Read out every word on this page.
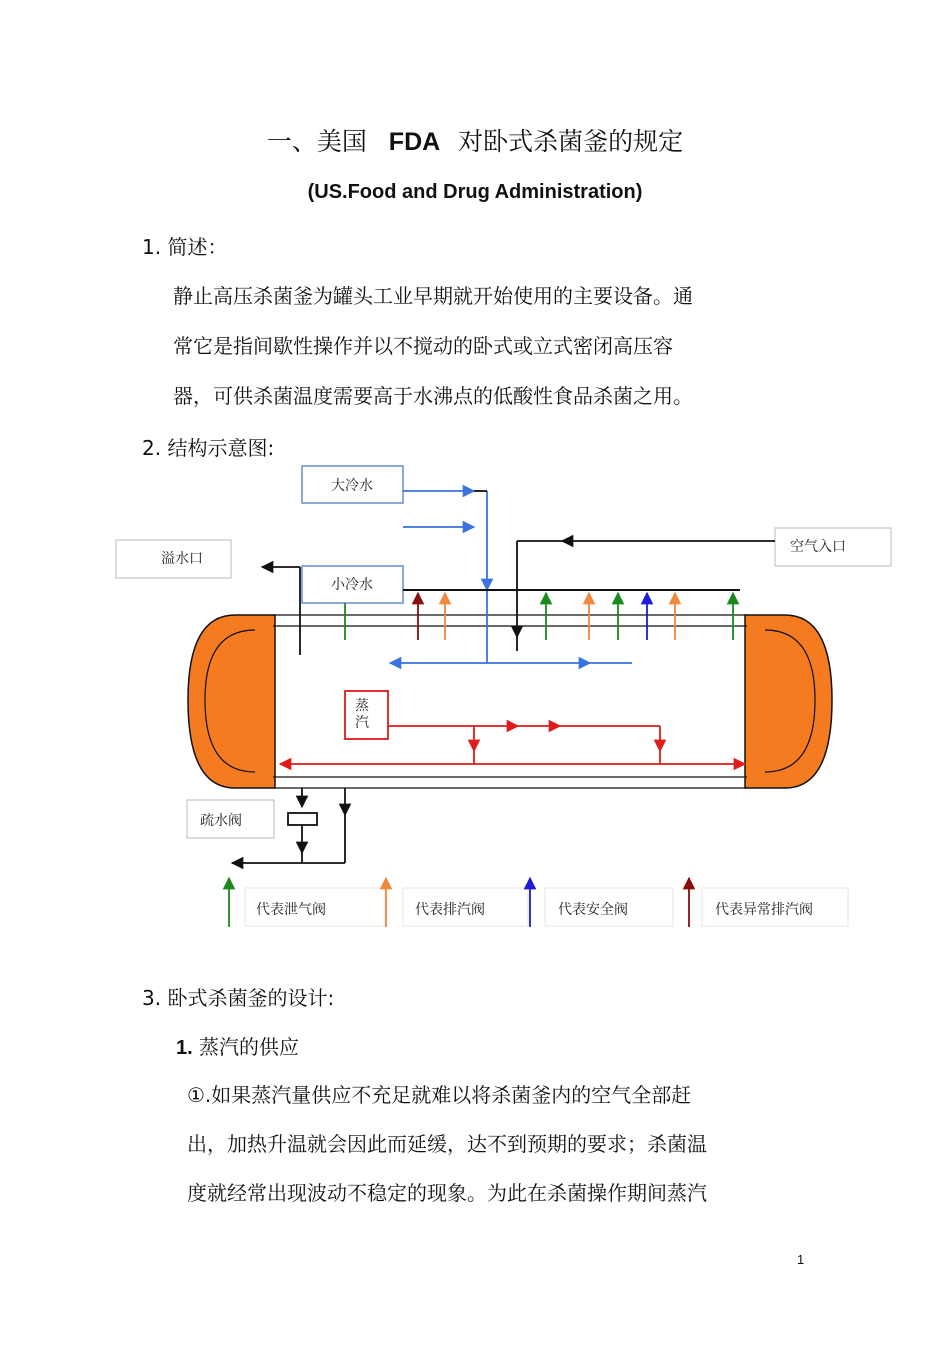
一、美国 FDA 对卧式杀菌釜的规定
(US.Food and Drug Administration)
1. 简述：
静止高压杀菌釜为罐头工业早期就开始使用的主要设备。通
常它是指间歇性操作并以不搅动的卧式或立式密闭高压容
器，可供杀菌温度需要高于水沸点的低酸性食品杀菌之用。
2. 结构示意图:
大冷水
空气入口
溢水口
小冷水
蒸
汽
疏水阀
代表泄气阀	代表排汽阀	代表安全阀	代表异常排汽阀
3. 卧式杀菌釜的设计:
1. 蒸汽的供应
①.如果蒸汽量供应不充足就难以将杀菌釜内的空气全部赶
出，加热升温就会因此而延缓，达不到预期的要求；杀菌温
度就经常出现波动不稳定的现象。为此在杀菌操作期间蒸汽
1
